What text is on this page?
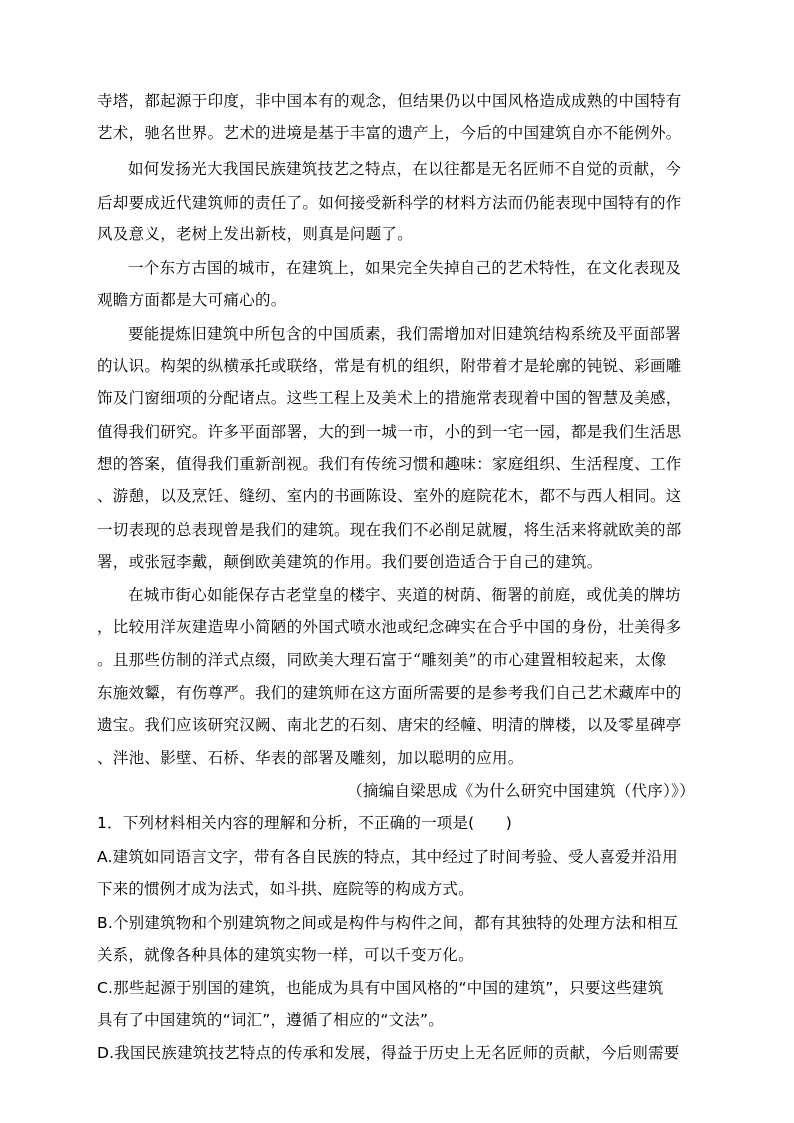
寺塔，都起源于印度，非中国本有的观念，但结果仍以中国风格造成成熟的中国特有
艺术，驰名世界。艺术的进境是基于丰富的遗产上，今后的中国建筑自亦不能例外。
如何发扬光大我国民族建筑技艺之特点，在以往都是无名匠师不自觉的贡献，今
后却要成近代建筑师的责任了。如何接受新科学的材料方法而仍能表现中国特有的作
风及意义，老树上发出新枝，则真是问题了。
一个东方古国的城市，在建筑上，如果完全失掉自己的艺术特性，在文化表现及
观瞻方面都是大可痛心的。
要能提炼旧建筑中所包含的中国质素，我们需增加对旧建筑结构系统及平面部署
的认识。构架的纵横承托或联络，常是有机的组织，附带着才是轮廓的钝锐、彩画雕
饰及门窗细项的分配诸点。这些工程上及美术上的措施常表现着中国的智慧及美感，
值得我们研究。许多平面部署，大的到一城一市，小的到一宅一园，都是我们生活思
想的答案，值得我们重新剖视。我们有传统习惯和趣味：家庭组织、生活程度、工作
、游憩，以及烹饪、缝纫、室内的书画陈设、室外的庭院花木，都不与西人相同。这
一切表现的总表现曾是我们的建筑。现在我们不必削足就履，将生活来将就欧美的部
署，或张冠李戴，颠倒欧美建筑的作用。我们要创造适合于自己的建筑。
在城市街心如能保存古老堂皇的楼宇、夹道的树荫、衙署的前庭，或优美的牌坊
，比较用洋灰建造卑小简陋的外国式喷水池或纪念碑实在合乎中国的身份，壮美得多
。且那些仿制的洋式点缀，同欧美大理石富于“雕刻美”的市心建置相较起来，太像
东施效颦，有伤尊严。我们的建筑师在这方面所需要的是参考我们自己艺术藏库中的
遗宝。我们应该研究汉阙、南北艺的石刻、唐宋的经幢、明清的牌楼，以及零星碑亭
、泮池、影壁、石桥、华表的部署及雕刻，加以聪明的应用。
（摘编自梁思成《为什么研究中国建筑（代序）》）
1．下列材料相关内容的理解和分析，不正确的一项是(　　)
A.建筑如同语言文字，带有各自民族的特点，其中经过了时间考验、受人喜爱并沿用
下来的惯例才成为法式，如斗拱、庭院等的构成方式。
B.个别建筑物和个别建筑物之间或是构件与构件之间，都有其独特的处理方法和相互
关系，就像各种具体的建筑实物一样，可以千变万化。
C.那些起源于别国的建筑，也能成为具有中国风格的“中国的建筑”，只要这些建筑
具有了中国建筑的“词汇”，遵循了相应的“文法”。
D.我国民族建筑技艺特点的传承和发展，得益于历史上无名匠师的贡献，今后则需要
